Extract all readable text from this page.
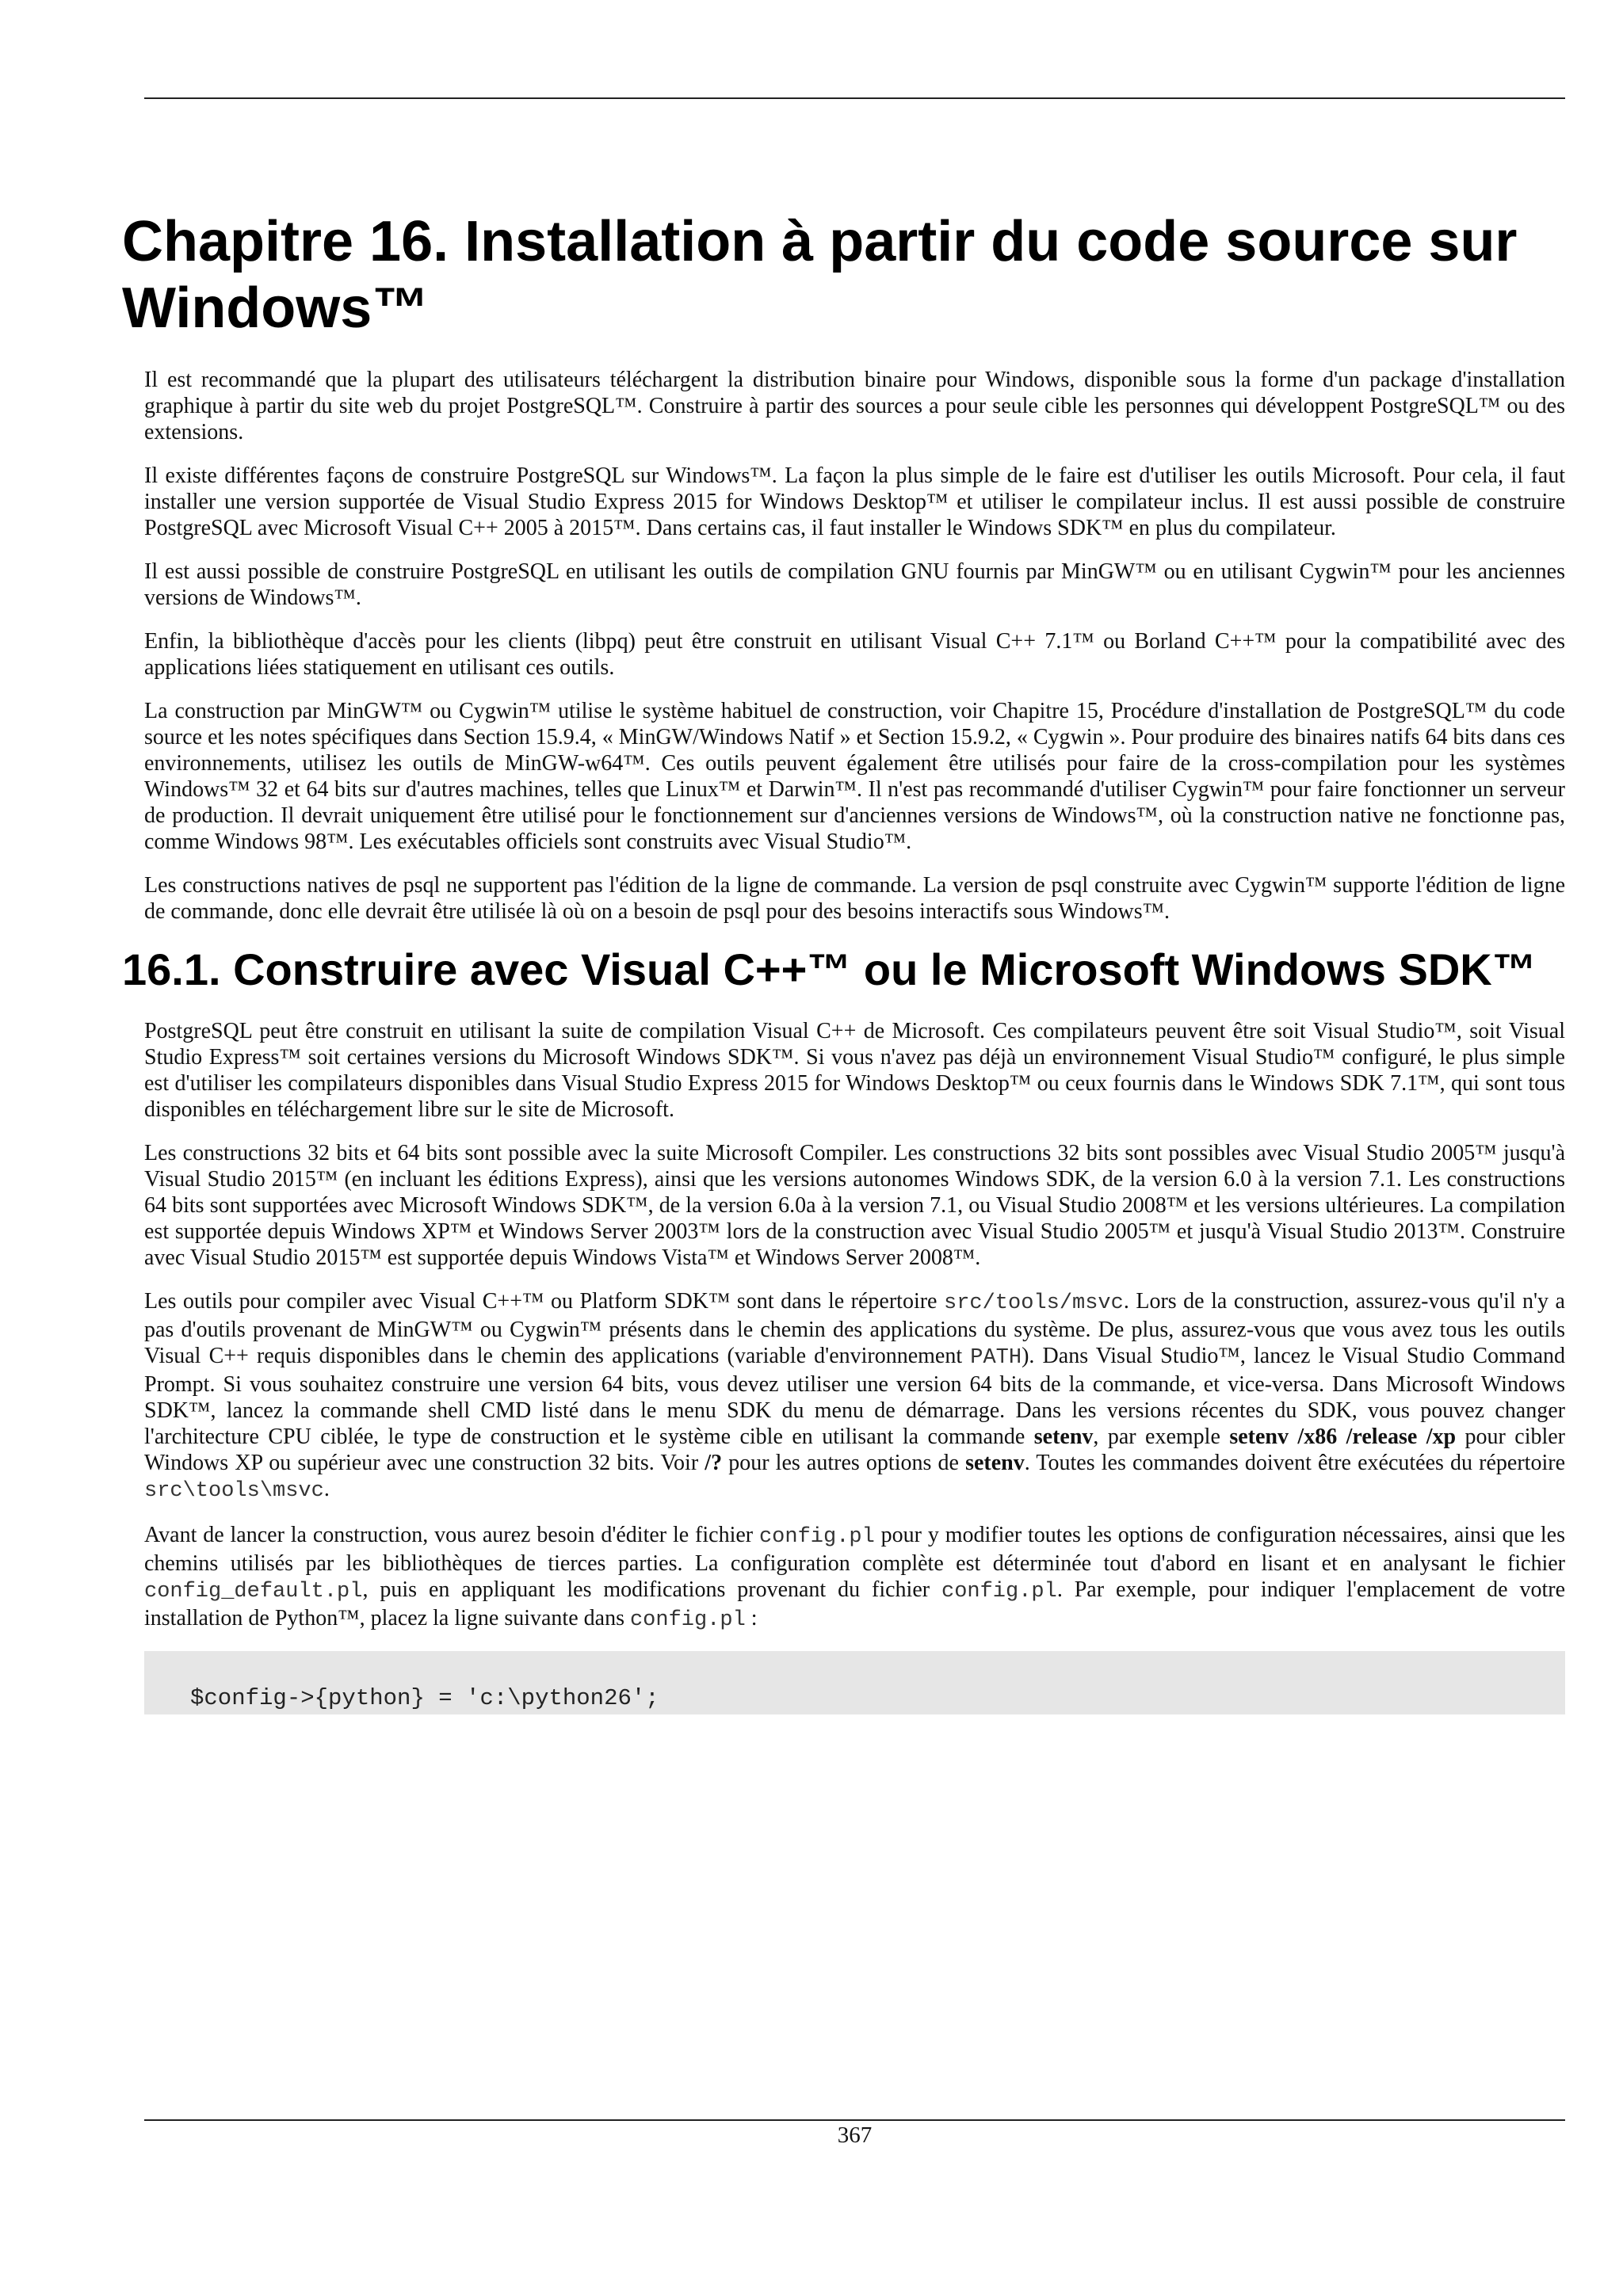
Chapitre 16. Installation à partir du code source sur Windows™

Il est recommandé que la plupart des utilisateurs téléchargent la distribution binaire pour Windows, disponible sous la forme d'un package d'installation graphique à partir du site web du projet PostgreSQL™. Construire à partir des sources a pour seule cible les personnes qui développent PostgreSQL™ ou des extensions.

Il existe différentes façons de construire PostgreSQL sur Windows™. La façon la plus simple de le faire est d'utiliser les outils Microsoft. Pour cela, il faut installer une version supportée de Visual Studio Express 2015 for Windows Desktop™ et utiliser le compilateur inclus. Il est aussi possible de construire PostgreSQL avec Microsoft Visual C++ 2005 à 2015™. Dans certains cas, il faut installer le Windows SDK™ en plus du compilateur.

Il est aussi possible de construire PostgreSQL en utilisant les outils de compilation GNU fournis par MinGW™ ou en utilisant Cygwin™ pour les anciennes versions de Windows™.

Enfin, la bibliothèque d'accès pour les clients (libpq) peut être construit en utilisant Visual C++ 7.1™ ou Borland C++™ pour la compatibilité avec des applications liées statiquement en utilisant ces outils.

La construction par MinGW™ ou Cygwin™ utilise le système habituel de construction, voir Chapitre 15, Procédure d'installation de PostgreSQL™ du code source et les notes spécifiques dans Section 15.9.4, « MinGW/Windows Natif » et Section 15.9.2, « Cygwin ». Pour produire des binaires natifs 64 bits dans ces environnements, utilisez les outils de MinGW-w64™. Ces outils peuvent également être utilisés pour faire de la cross-compilation pour les systèmes Windows™ 32 et 64 bits sur d'autres machines, telles que Linux™ et Darwin™. Il n'est pas recommandé d'utiliser Cygwin™ pour faire fonctionner un serveur de production. Il devrait uniquement être utilisé pour le fonctionnement sur d'anciennes versions de Windows™, où la construction native ne fonctionne pas, comme Windows 98™. Les exécutables officiels sont construits avec Visual Studio™.

Les constructions natives de psql ne supportent pas l'édition de la ligne de commande. La version de psql construite avec Cygwin™ supporte l'édition de ligne de commande, donc elle devrait être utilisée là où on a besoin de psql pour des besoins interactifs sous Windows™.

16.1. Construire avec Visual C++™ ou le Microsoft Windows SDK™

PostgreSQL peut être construit en utilisant la suite de compilation Visual C++ de Microsoft. Ces compilateurs peuvent être soit Visual Studio™, soit Visual Studio Express™ soit certaines versions du Microsoft Windows SDK™. Si vous n'avez pas déjà un environnement Visual Studio™ configuré, le plus simple est d'utiliser les compilateurs disponibles dans Visual Studio Express 2015 for Windows Desktop™ ou ceux fournis dans le Windows SDK 7.1™, qui sont tous disponibles en téléchargement libre sur le site de Microsoft.

Les constructions 32 bits et 64 bits sont possible avec la suite Microsoft Compiler. Les constructions 32 bits sont possibles avec Visual Studio 2005™ jusqu'à Visual Studio 2015™ (en incluant les éditions Express), ainsi que les versions autonomes Windows SDK, de la version 6.0 à la version 7.1. Les constructions 64 bits sont supportées avec Microsoft Windows SDK™, de la version 6.0a à la version 7.1, ou Visual Studio 2008™ et les versions ultérieures. La compilation est supportée depuis Windows XP™ et Windows Server 2003™ lors de la construction avec Visual Studio 2005™ et jusqu'à Visual Studio 2013™. Construire avec Visual Studio 2015™ est supportée depuis Windows Vista™ et Windows Server 2008™.

Les outils pour compiler avec Visual C++™ ou Platform SDK™ sont dans le répertoire src/tools/msvc. Lors de la construction, assurez-vous qu'il n'y a pas d'outils provenant de MinGW™ ou Cygwin™ présents dans le chemin des applications du système. De plus, assurez-vous que vous avez tous les outils Visual C++ requis disponibles dans le chemin des applications (variable d'environnement PATH). Dans Visual Studio™, lancez le Visual Studio Command Prompt. Si vous souhaitez construire une version 64 bits, vous devez utiliser une version 64 bits de la commande, et vice-versa. Dans Microsoft Windows SDK™, lancez la commande shell CMD listé dans le menu SDK du menu de démarrage. Dans les versions récentes du SDK, vous pouvez changer l'architecture CPU ciblée, le type de construction et le système cible en utilisant la commande setenv, par exemple setenv /x86 /release /xp pour cibler Windows XP ou supérieur avec une construction 32 bits. Voir /? pour les autres options de setenv. Toutes les commandes doivent être exécutées du répertoire src\tools\msvc.

Avant de lancer la construction, vous aurez besoin d'éditer le fichier config.pl pour y modifier toutes les options de configuration nécessaires, ainsi que les chemins utilisés par les bibliothèques de tierces parties. La configuration complète est déterminée tout d'abord en lisant et en analysant le fichier config_default.pl, puis en appliquant les modifications provenant du fichier config.pl. Par exemple, pour indiquer l'emplacement de votre installation de Python™, placez la ligne suivante dans config.pl :

$config->{python} = 'c:\python26';
367
